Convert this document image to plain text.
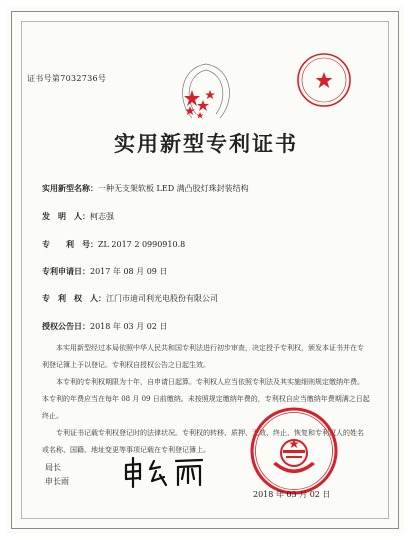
证书号第7032736号
实用新型专利证书
实用新型名称：一种无支架软板 LED 满凸胶灯珠封装结构
发　明　人：柯志强
专　　利　号：ZL 2017 2 0990910.8
专利申请日：2017 年 08 月 09 日
专　利　权　人：江门市迪司利光电股份有限公司
授权公告日：2018 年 03 月 02 日
本实用新型经过本局依照中华人民共和国专利法进行初步审查，决定授予专利权，颁发本证书并在专利登记簿上予以登记。专利权自授权公告之日起生效。
本专利的专利权期限为十年，自申请日起算。专利权人应当依照专利法及其实施细则规定缴纳年费。本专利的年费应当在每年 08 月 09 日前缴纳。未按照规定缴纳年费的，专利权自应当缴纳年费期满之日起终止。
专利证书记载专利权登记时的法律状况。专利权的转移、质押、无效、终止、恢复和专利权人的姓名或名称、国籍、地址变更等事项记载在专利登记簿上。
局长
申长雨
2018 年 03 月 02 日
